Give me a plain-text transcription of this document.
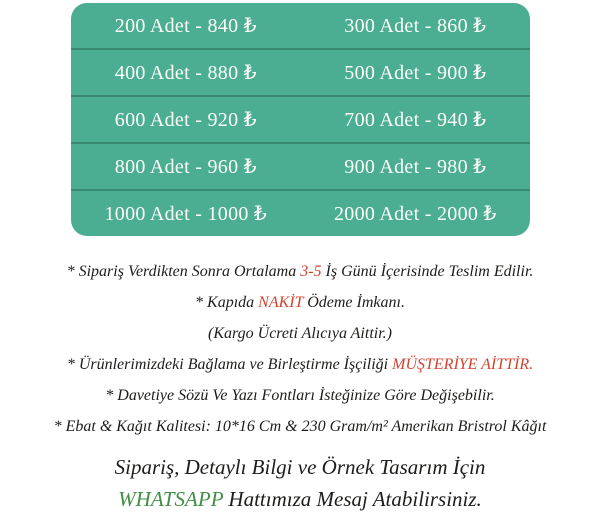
200 Adet - 840 ₺	300 Adet - 860 ₺
400 Adet - 880 ₺	500 Adet - 900 ₺
600 Adet - 920 ₺	700 Adet - 940 ₺
800 Adet - 960 ₺	900 Adet - 980 ₺
1000 Adet - 1000 ₺	2000 Adet - 2000 ₺

* Sipariş Verdikten Sonra Ortalama 3-5 İş Günü İçerisinde Teslim Edilir.

* Kapıda NAKİT Ödeme İmkanı.

(Kargo Ücreti Alıcıya Aittir.)

* Ürünlerimizdeki Bağlama ve Birleştirme İşçiliği MÜŞTERİYE AİTTİR.

* Davetiye Sözü Ve Yazı Fontları İsteğinize Göre Değişebilir.

* Ebat & Kağıt Kalitesi: 10*16 Cm & 230 Gram/m² Amerikan Bristrol Kâğıt

Sipariş, Detaylı Bilgi ve Örnek Tasarım İçin

WHATSAPP Hattımıza Mesaj Atabilirsiniz.
